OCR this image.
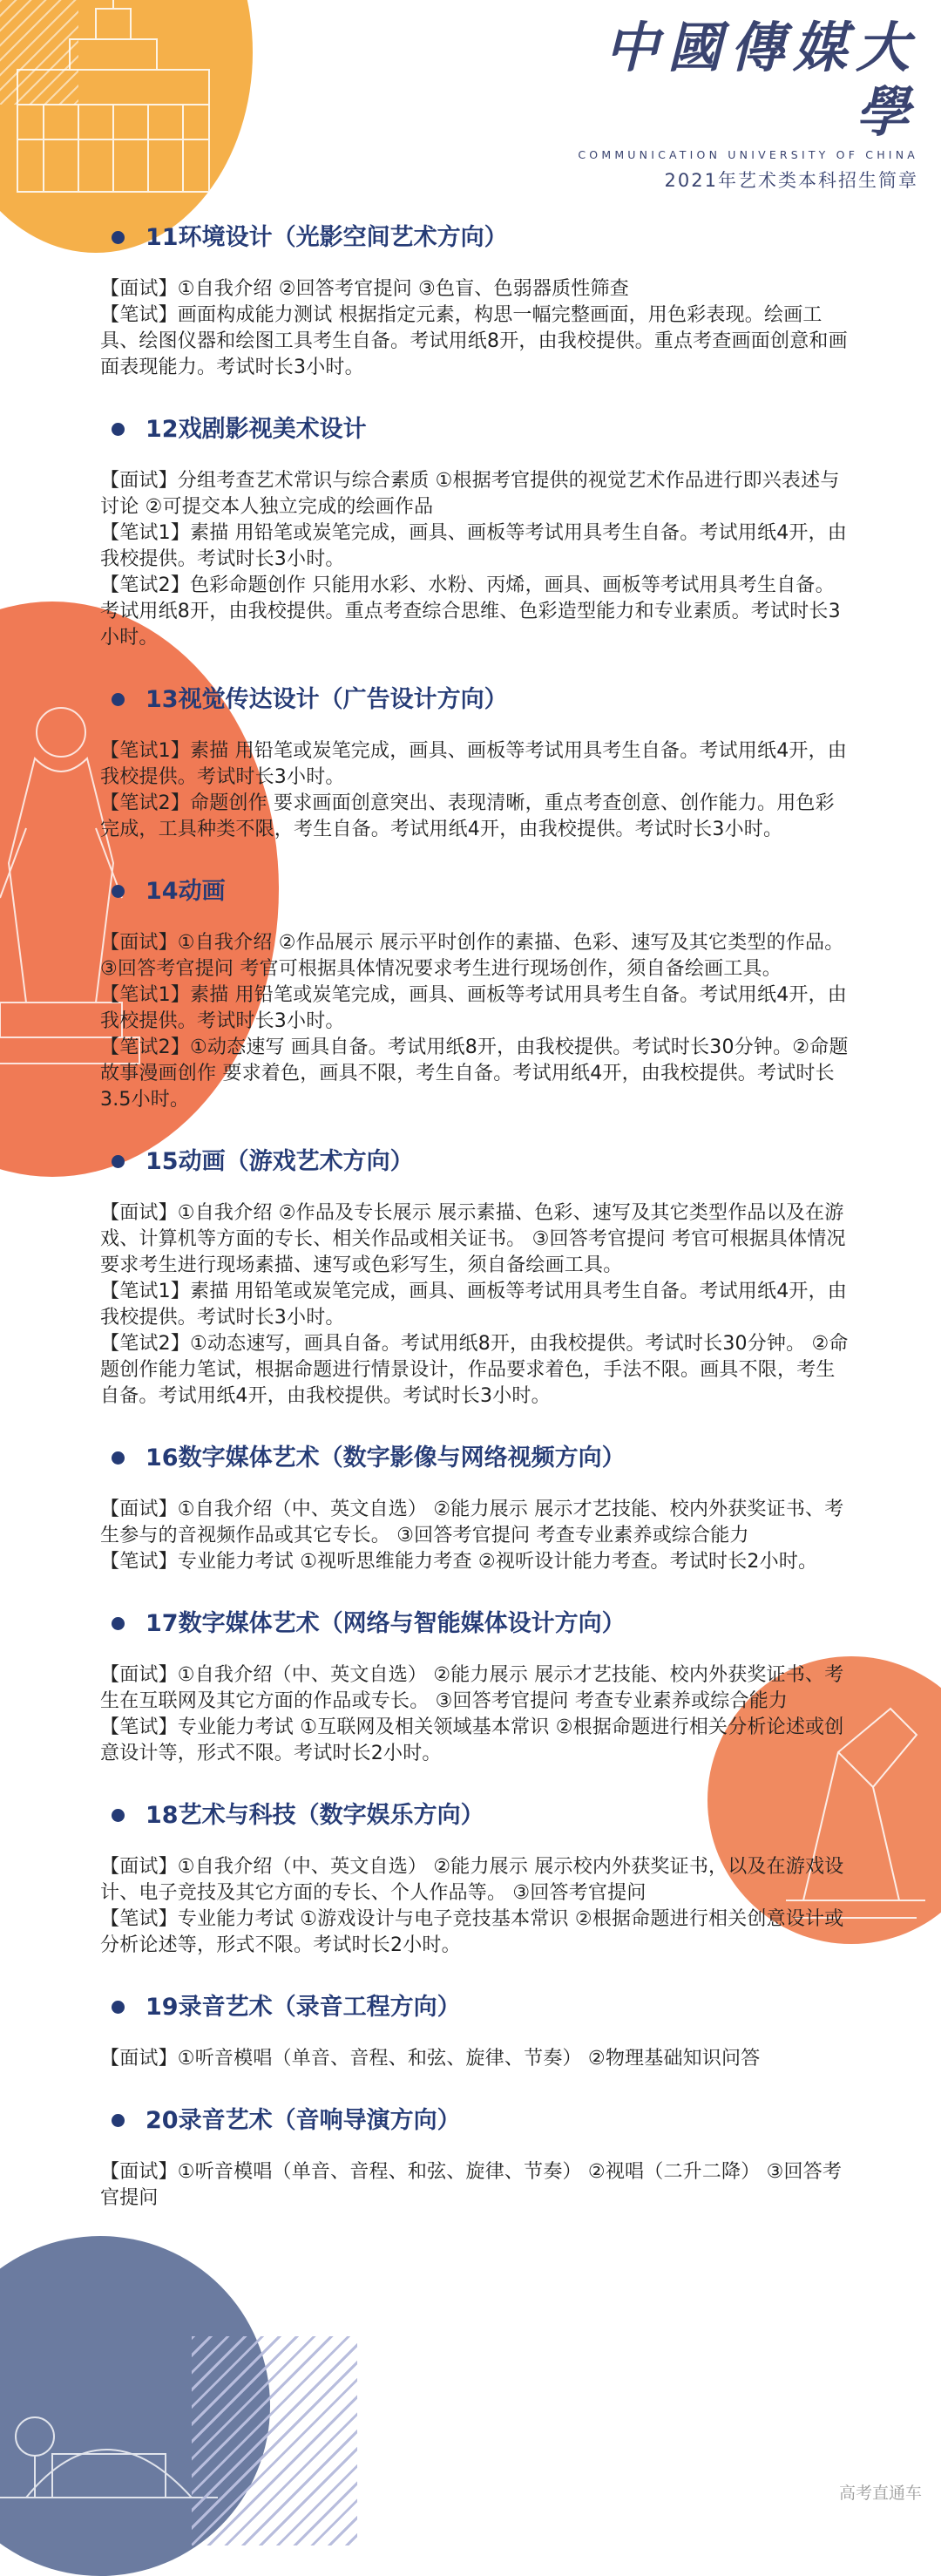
中國傳媒大學
COMMUNICATION UNIVERSITY OF CHINA
2021年艺术类本科招生简章
11环境设计（光影空间艺术方向）

【面试】①自我介绍 ②回答考官提问 ③色盲、色弱器质性筛查

【笔试】画面构成能力测试 根据指定元素，构思一幅完整画面，用色彩表现。绘画工具、绘图仪器和绘图工具考生自备。考试用纸8开，由我校提供。重点考查画面创意和画面表现能力。考试时长3小时。

12戏剧影视美术设计

【面试】分组考查艺术常识与综合素质 ①根据考官提供的视觉艺术作品进行即兴表述与讨论 ②可提交本人独立完成的绘画作品

【笔试1】素描 用铅笔或炭笔完成，画具、画板等考试用具考生自备。考试用纸4开，由我校提供。考试时长3小时。

【笔试2】色彩命题创作 只能用水彩、水粉、丙烯，画具、画板等考试用具考生自备。考试用纸8开，由我校提供。重点考查综合思维、色彩造型能力和专业素质。考试时长3小时。

13视觉传达设计（广告设计方向）

【笔试1】素描 用铅笔或炭笔完成，画具、画板等考试用具考生自备。考试用纸4开，由我校提供。考试时长3小时。

【笔试2】命题创作 要求画面创意突出、表现清晰，重点考查创意、创作能力。用色彩完成，工具种类不限，考生自备。考试用纸4开，由我校提供。考试时长3小时。

14动画

【面试】①自我介绍 ②作品展示 展示平时创作的素描、色彩、速写及其它类型的作品。 ③回答考官提问 考官可根据具体情况要求考生进行现场创作，须自备绘画工具。

【笔试1】素描 用铅笔或炭笔完成，画具、画板等考试用具考生自备。考试用纸4开，由我校提供。考试时长3小时。

【笔试2】①动态速写 画具自备。考试用纸8开，由我校提供。考试时长30分钟。②命题故事漫画创作 要求着色，画具不限，考生自备。考试用纸4开，由我校提供。考试时长3.5小时。

15动画（游戏艺术方向）

【面试】①自我介绍 ②作品及专长展示 展示素描、色彩、速写及其它类型作品以及在游戏、计算机等方面的专长、相关作品或相关证书。 ③回答考官提问 考官可根据具体情况要求考生进行现场素描、速写或色彩写生，须自备绘画工具。

【笔试1】素描 用铅笔或炭笔完成，画具、画板等考试用具考生自备。考试用纸4开，由我校提供。考试时长3小时。

【笔试2】①动态速写，画具自备。考试用纸8开，由我校提供。考试时长30分钟。 ②命题创作能力笔试，根据命题进行情景设计，作品要求着色，手法不限。画具不限，考生自备。考试用纸4开，由我校提供。考试时长3小时。

16数字媒体艺术（数字影像与网络视频方向）

【面试】①自我介绍（中、英文自选） ②能力展示 展示才艺技能、校内外获奖证书、考生参与的音视频作品或其它专长。 ③回答考官提问 考查专业素养或综合能力

【笔试】专业能力考试 ①视听思维能力考查 ②视听设计能力考查。考试时长2小时。

17数字媒体艺术（网络与智能媒体设计方向）

【面试】①自我介绍（中、英文自选） ②能力展示 展示才艺技能、校内外获奖证书、考生在互联网及其它方面的作品或专长。 ③回答考官提问 考查专业素养或综合能力

【笔试】专业能力考试 ①互联网及相关领域基本常识 ②根据命题进行相关分析论述或创意设计等，形式不限。考试时长2小时。

18艺术与科技（数字娱乐方向）

【面试】①自我介绍（中、英文自选） ②能力展示 展示校内外获奖证书，以及在游戏设计、电子竞技及其它方面的专长、个人作品等。 ③回答考官提问

【笔试】专业能力考试 ①游戏设计与电子竞技基本常识 ②根据命题进行相关创意设计或分析论述等，形式不限。考试时长2小时。

19录音艺术（录音工程方向）

【面试】①听音模唱（单音、音程、和弦、旋律、节奏） ②物理基础知识问答

20录音艺术（音响导演方向）

【面试】①听音模唱（单音、音程、和弦、旋律、节奏） ②视唱（二升二降） ③回答考官提问

高考直通车
